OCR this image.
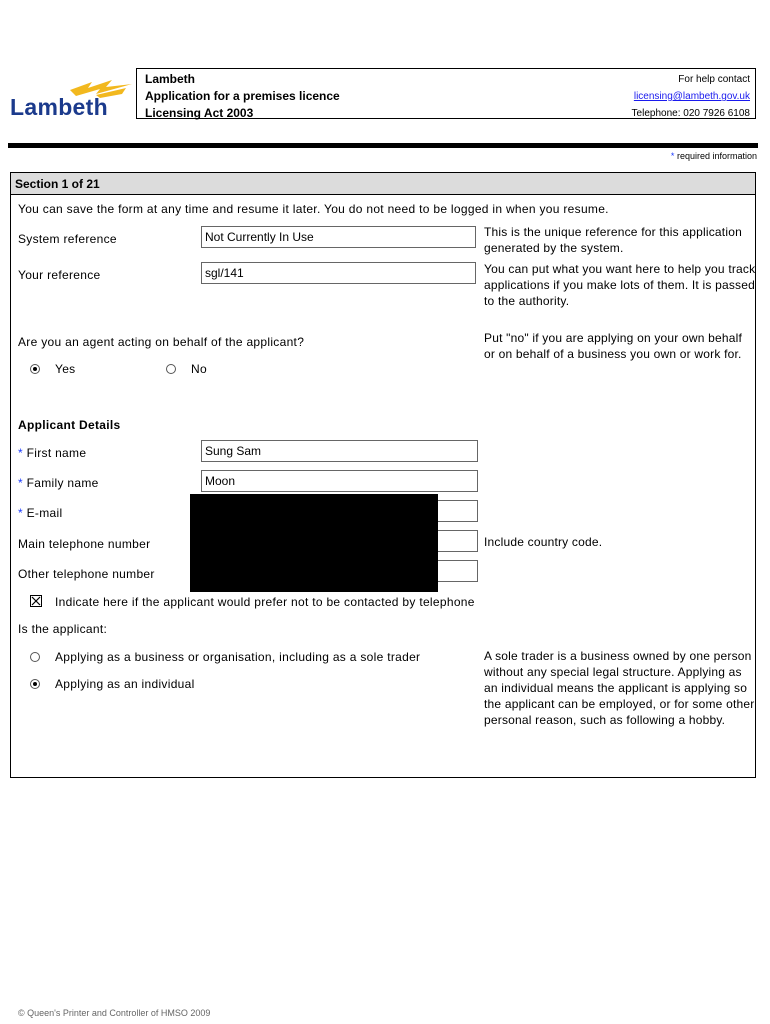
Lambeth
Lambeth
Application for a premises licence
Licensing Act 2003
For help contact
licensing@lambeth.gov.uk
Telephone: 020 7926 6108
* required information
Section 1 of 21
You can save the form at any time and resume it later. You do not need to be logged in when you resume.
System reference	Not Currently In Use	This is the unique reference for this application generated by the system.
Your reference	sgl/141	You can put what you want here to help you track applications if you make lots of them. It is passed to the authority.
Are you an agent acting on behalf of the applicant?
Yes	No
Put "no" if you are applying on your own behalf or on behalf of a business you own or work for.
Applicant Details
* First name	Sung Sam
* Family name	Moon
* E-mail
Main telephone number	Include country code.
Other telephone number
Indicate here if the applicant would prefer not to be contacted by telephone
Is the applicant:
Applying as a business or organisation, including as a sole trader
Applying as an individual
A sole trader is a business owned by one person without any special legal structure. Applying as an individual means the applicant is applying so the applicant can be employed, or for some other personal reason, such as following a hobby.
© Queen's Printer and Controller of HMSO 2009
